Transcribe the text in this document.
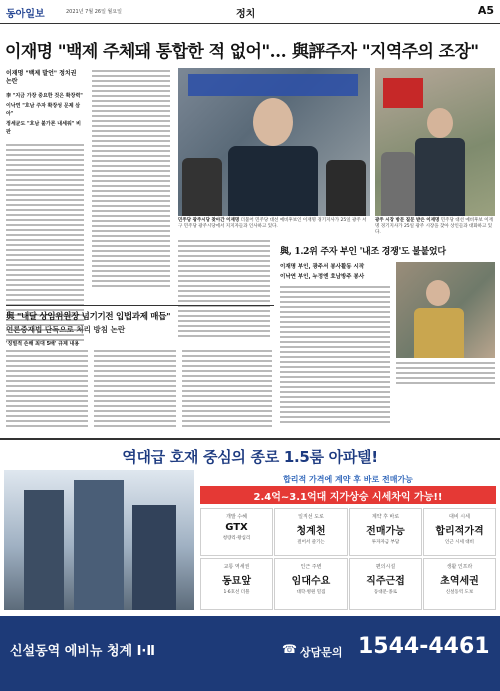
동아일보	2021년 7월 26일 월요일	정치	A5
이재명 "백제 주체돼 통합한 적 없어"… 與評주자 "지역주의 조장"
이재명 "백제 발언" 정치권 논란
李 "지금 가장 중요한 것은 확장력"
이낙연 "호남 주자 확장성 문제 삼아"
정세균도 "호남 불가론 내세워" 비판
민주당 광주시당 찾아간 이재명 더불어 민주당 대선 예비후보인 이재명 경기지사가 25일 광주 서구 민주당 광주시당에서 지지자들과 인사하고 있다.
광주 시장 방문 질문 받은 이재명 민주당 대선 예비후보 이재명 경기지사가 25일 광주 시장을 찾아 상인들과 대화하고 있다.
與, 1.2위 주자 부인 '내조 경쟁'도 불붙었다
이재명 부인, 광주서 봉사활동 시작
이낙연 부인, 누정엔 호남방주 봉사
與 "내달 상임위원장 넘기기전 입법과제 매듭"
언론중재법 단독으로 처리 방침 논란
'징벌적 손해 최대 5배' 규제 내용
역대급 호재 중심의 종로 1.5룸 아파텔!
합리적 가격에 계약 후 바로 전매가능
2.4억~3.1억대 지가상승 시세차익 가능!!
개발 수혜
GTX
청량리·왕십리
일직선 도로
청계천
걸어서 즐기는
계약 후 바로
전매가능
투자자금 부담
대비 시세
합리적가격
인근 시세 대비
교통 역세권
동묘앞
1·6호선 더블
인근 주변
임대수요
대학·병원 밀집
편의시설
직주근접
동대문·종로
생활 인프라
초역세권
신설동역 도보
신설동역 에비뉴 청계 Ⅰ·Ⅱ	상담문의
☎	1544-4461
